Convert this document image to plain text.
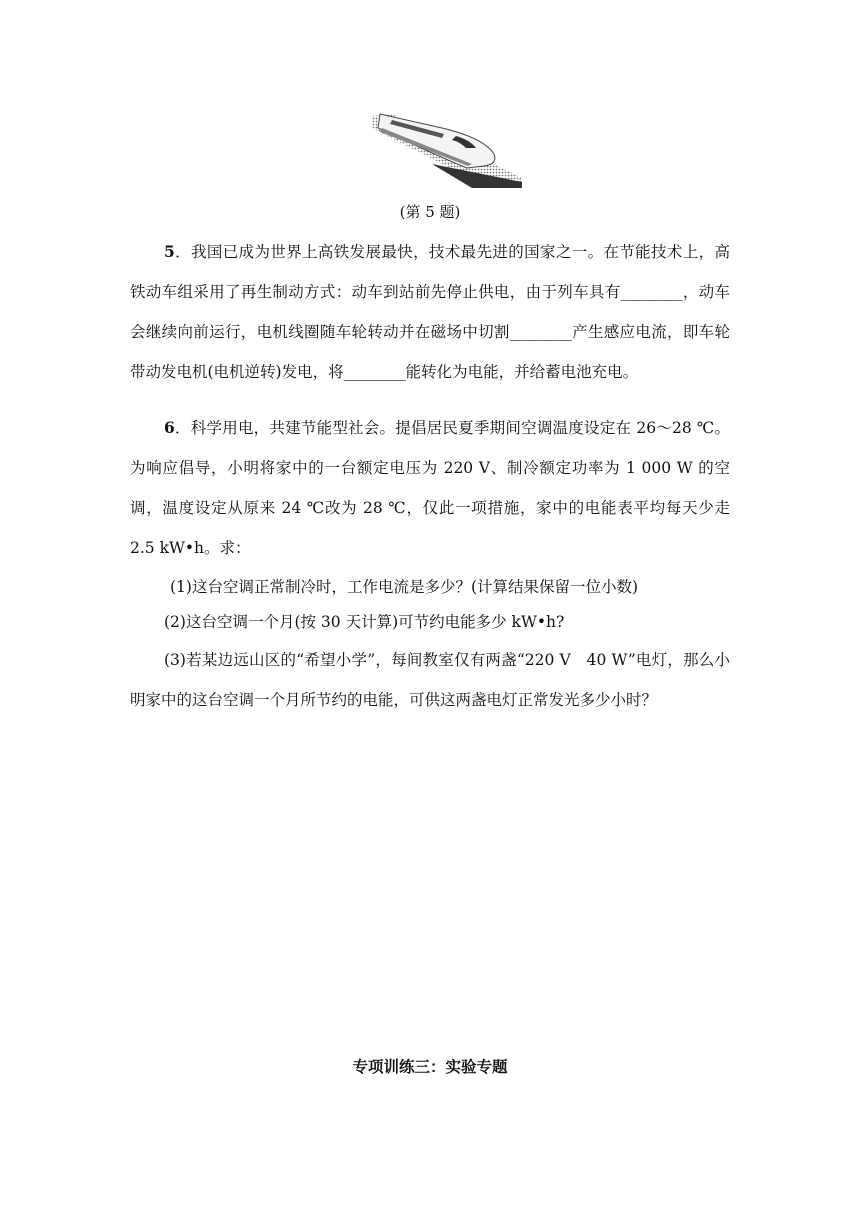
(第 5 题)

5．我国已成为世界上高铁发展最快，技术最先进的国家之一。在节能技术上，高铁动车组采用了再生制动方式：动车到站前先停止供电，由于列车具有________，动车会继续向前运行，电机线圈随车轮转动并在磁场中切割________产生感应电流，即车轮带动发电机(电机逆转)发电，将________能转化为电能，并给蓄电池充电。

6．科学用电，共建节能型社会。提倡居民夏季期间空调温度设定在 26～28 ℃。为响应倡导，小明将家中的一台额定电压为 220 V、制冷额定功率为 1 000 W 的空调，温度设定从原来 24 ℃改为 28 ℃，仅此一项措施，家中的电能表平均每天少走 2.5 kW•h。求：

(1)这台空调正常制冷时，工作电流是多少？(计算结果保留一位小数)

(2)这台空调一个月(按 30 天计算)可节约电能多少 kW•h?

(3)若某边远山区的“希望小学”，每间教室仅有两盏“220 V　40 W”电灯，那么小明家中的这台空调一个月所节约的电能，可供这两盏电灯正常发光多少小时？

专项训练三：实验专题
